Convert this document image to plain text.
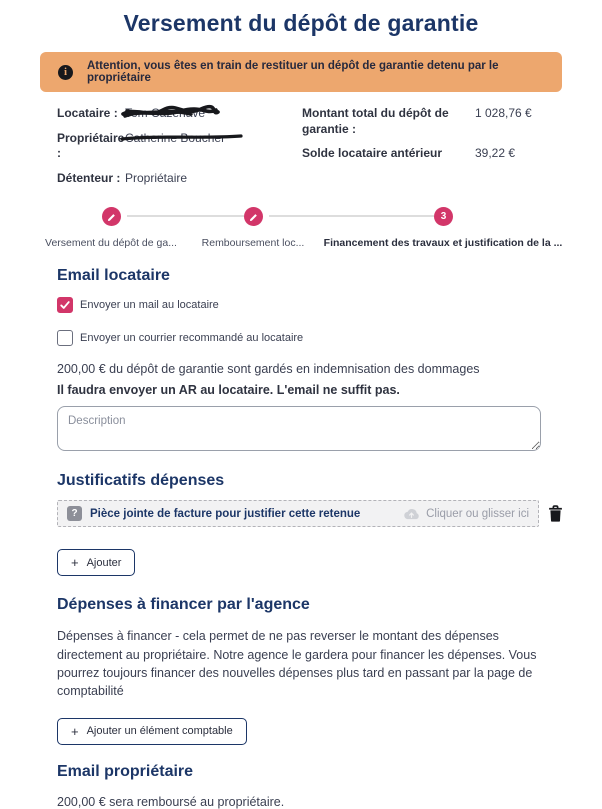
Versement du dépôt de garantie
i	Attention, vous êtes en train de restituer un dépôt de garantie detenu par le propriétaire
Locataire : Tom Cazenave
Propriétaire :
Catherine Boucher
Détenteur : Propriétaire
Montant total du dépôt de garantie :
1 028,76 €
Solde locataire antérieur	39,22 €
3
Versement du dépôt de ga...	Remboursement loc...	Financement des travaux et justification de la ...
Email locataire
Envoyer un mail au locataire
Envoyer un courrier recommandé au locataire

200,00 € du dépôt de garantie sont gardés en indemnisation des dommages

Il faudra envoyer un AR au locataire. L'email ne suffit pas.

Description
Justificatifs dépenses
?	Pièce jointe de facture pour justifier cette retenue	Cliquer ou glisser ici
+ Ajouter
Dépenses à financer par l'agence

Dépenses à financer - cela permet de ne pas reverser le montant des dépenses directement au propriétaire. Notre agence le gardera pour financer les dépenses. Vous pourrez toujours financer des nouvelles dépenses plus tard en passant par la page de comptabilité

+ Ajouter un élément comptable
Email propriétaire

200,00 € sera remboursé au propriétaire.
